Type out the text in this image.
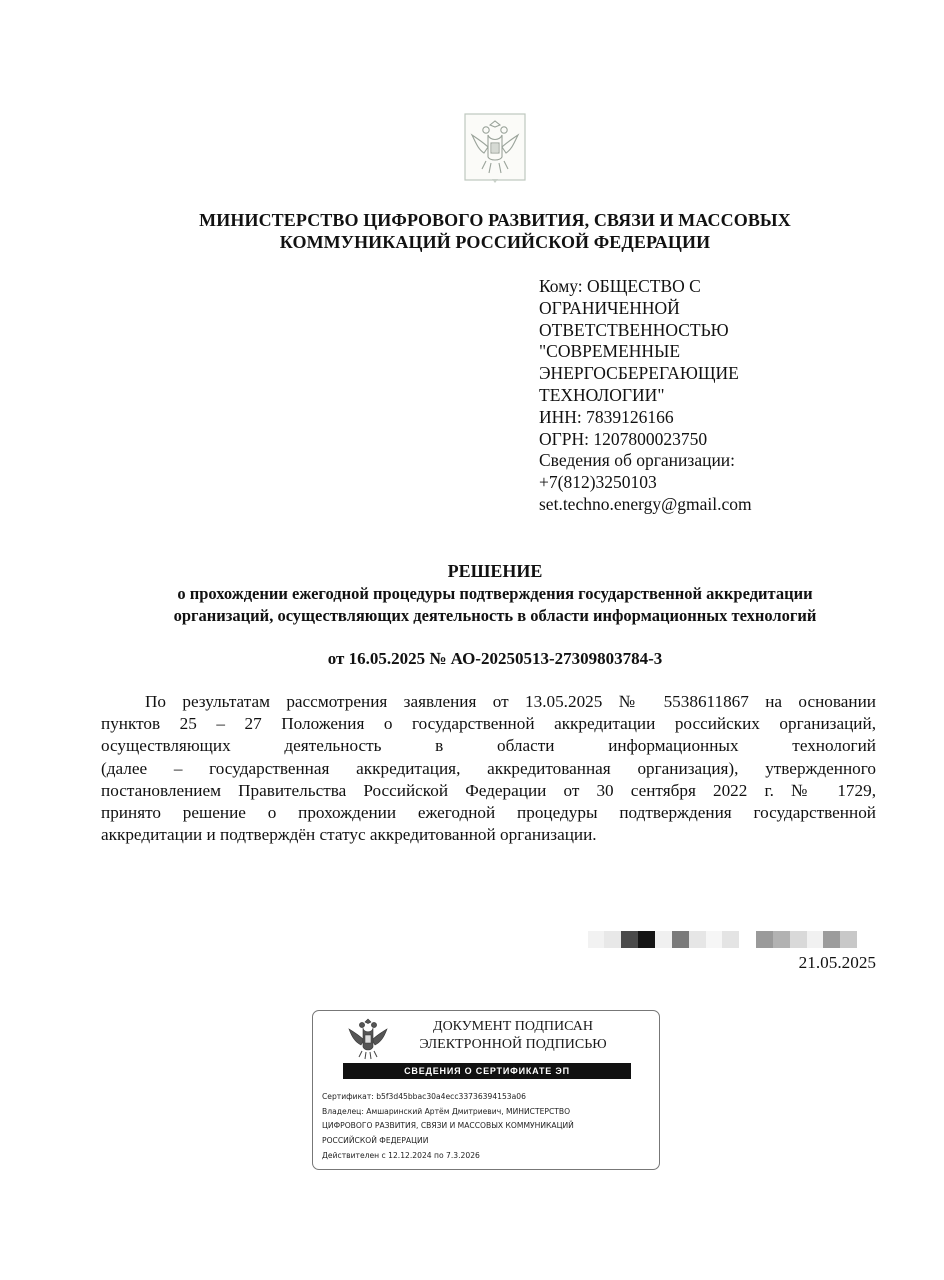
МИНИСТЕРСТВО ЦИФРОВОГО РАЗВИТИЯ, СВЯЗИ И МАССОВЫХ
КОММУНИКАЦИЙ РОССИЙСКОЙ ФЕДЕРАЦИИ
Кому: ОБЩЕСТВО С
ОГРАНИЧЕННОЙ
ОТВЕТСТВЕННОСТЬЮ
"СОВРЕМЕННЫЕ
ЭНЕРГОСБЕРЕГАЮЩИЕ
ТЕХНОЛОГИИ"
ИНН: 7839126166
ОГРН: 1207800023750
Сведения об организации:
+7(812)3250103
set.techno.energy@gmail.com
РЕШЕНИЕ
о прохождении ежегодной процедуры подтверждения государственной аккредитации
организаций, осуществляющих деятельность в области информационных технологий
от 16.05.2025 № АО-20250513-27309803784-3
По результатам рассмотрения заявления от 13.05.2025 № 5538611867 на основании
пунктов 25 – 27 Положения о государственной аккредитации российских организаций,
осуществляющих деятельность в области информационных технологий
(далее – государственная аккредитация, аккредитованная организация), утвержденного
постановлением Правительства Российской Федерации от 30 сентября 2022 г. № 1729,
принято решение о прохождении ежегодной процедуры подтверждения государственной
аккредитации и подтверждён статус аккредитованной организации.
21.05.2025
ДОКУМЕНТ ПОДПИСАН
ЭЛЕКТРОННОЙ ПОДПИСЬЮ
СВЕДЕНИЯ О СЕРТИФИКАТЕ ЭП
Сертификат: b5f3d45bbac30a4ecc33736394153a06
Владелец: Амшаринский Артём Дмитриевич, МИНИСТЕРСТВО
ЦИФРОВОГО РАЗВИТИЯ, СВЯЗИ И МАССОВЫХ КОММУНИКАЦИЙ
РОССИЙСКОЙ ФЕДЕРАЦИИ
Действителен с 12.12.2024 по 7.3.2026
